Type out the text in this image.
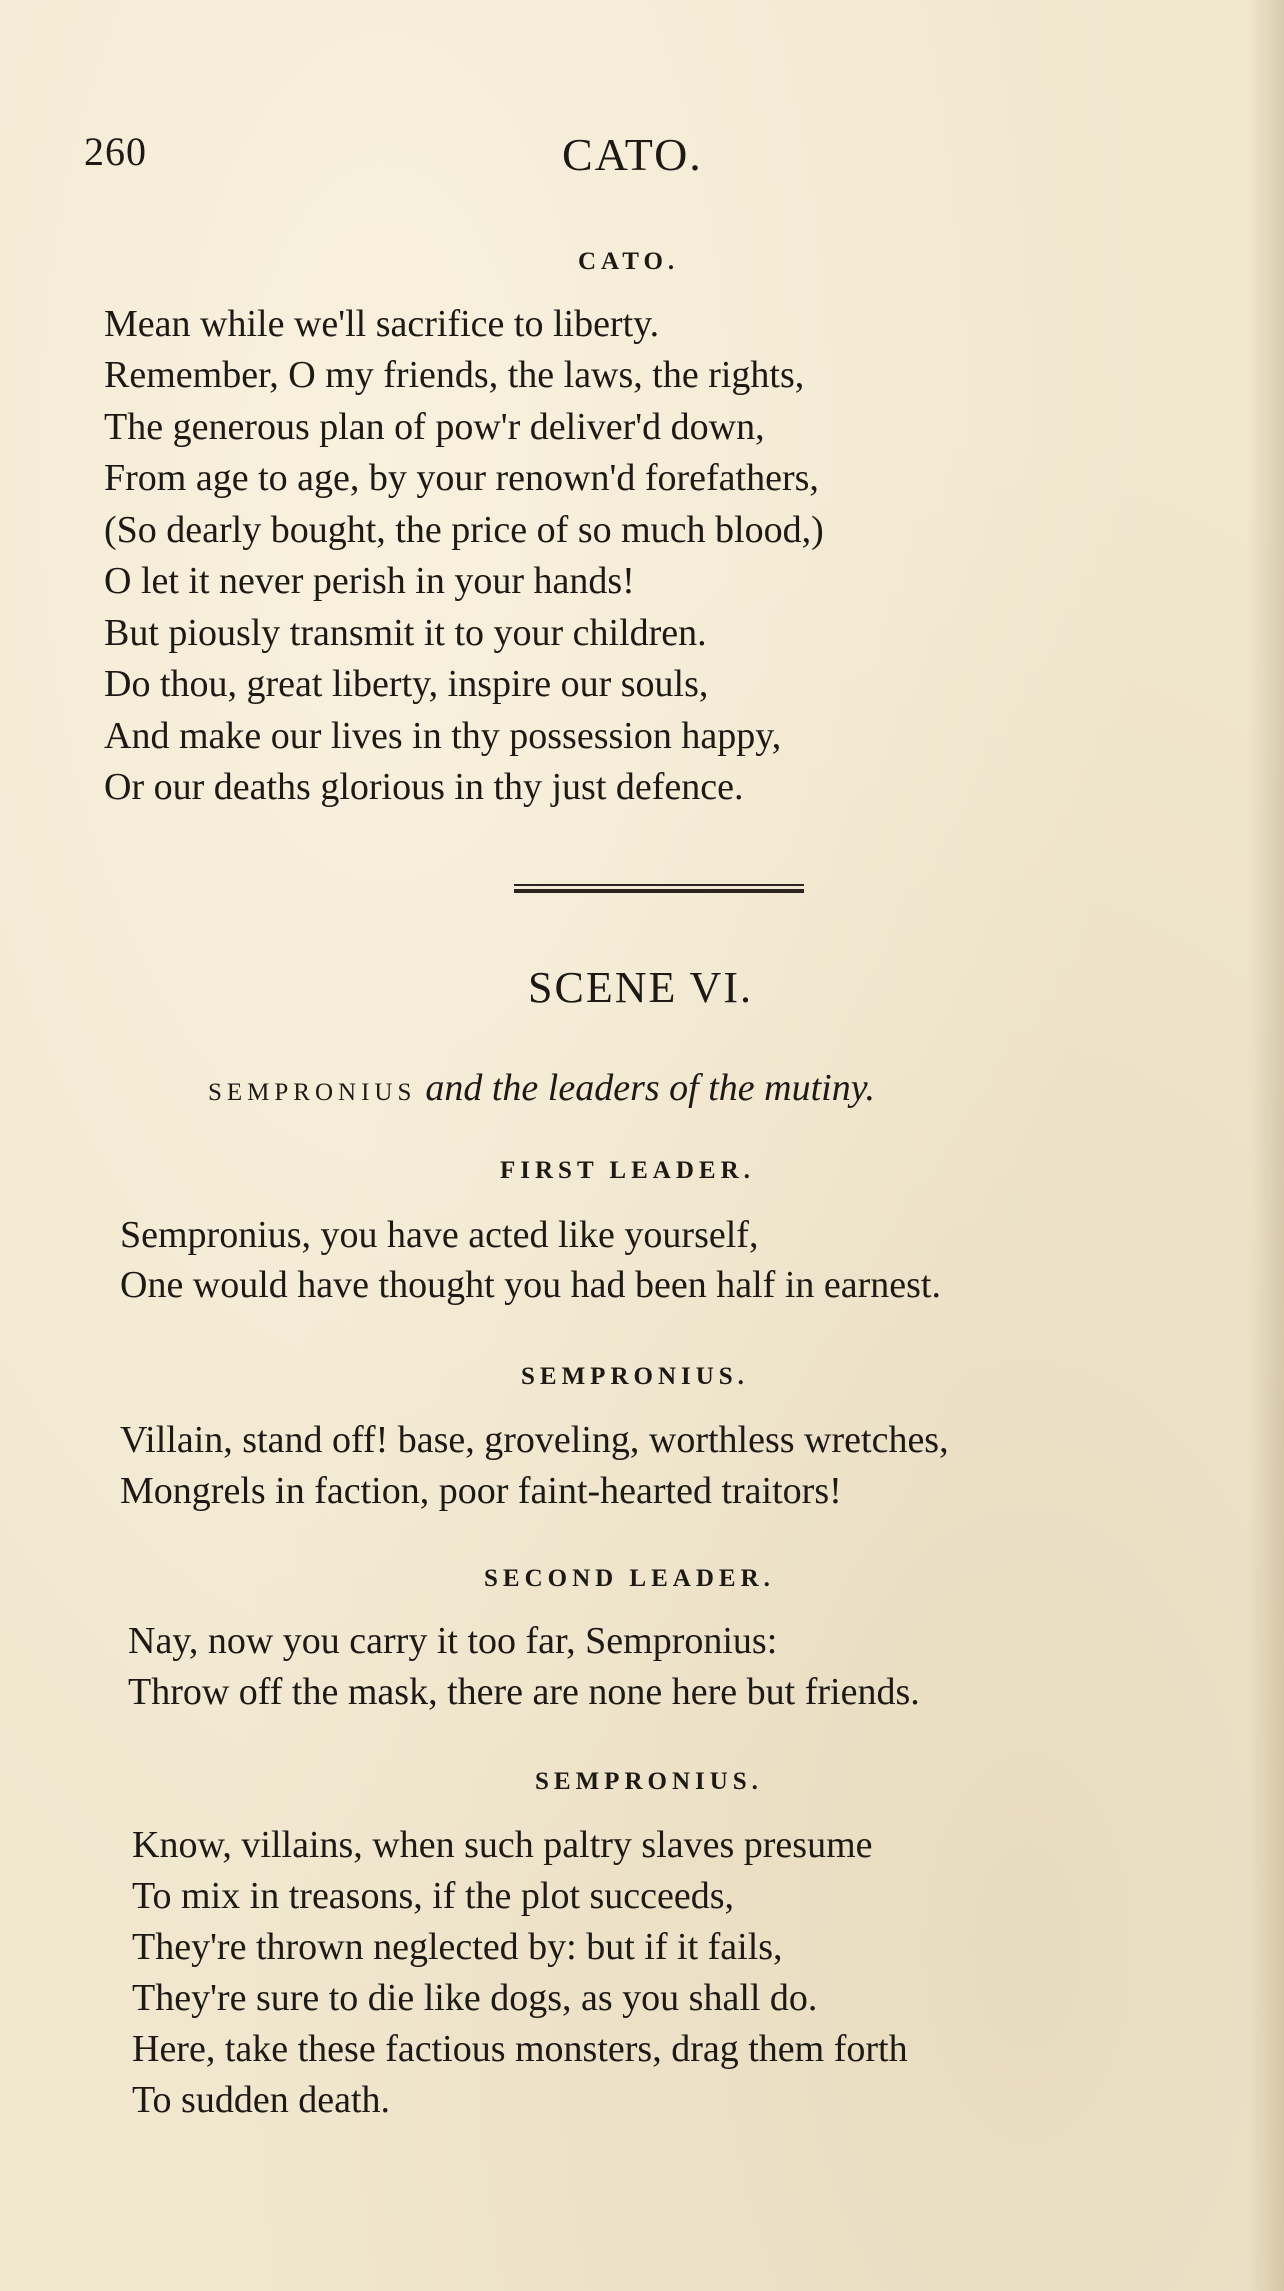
260	CATO.
CATO.
Mean while we'll sacrifice to liberty.
Remember, O my friends, the laws, the rights,
The generous plan of pow'r deliver'd down,
From age to age, by your renown'd forefathers,
(So dearly bought, the price of so much blood,)
O let it never perish in your hands!
But piously transmit it to your children.
Do thou, great liberty, inspire our souls,
And make our lives in thy possession happy,
Or our deaths glorious in thy just defence.
SCENE VI.
SEMPRONIUS and the leaders of the mutiny.
FIRST LEADER.
Sempronius, you have acted like yourself,
One would have thought you had been half in earnest.
SEMPRONIUS.
Villain, stand off! base, groveling, worthless wretches,
Mongrels in faction, poor faint-hearted traitors!
SECOND LEADER.
Nay, now you carry it too far, Sempronius:
Throw off the mask, there are none here but friends.
SEMPRONIUS.
Know, villains, when such paltry slaves presume
To mix in treasons, if the plot succeeds,
They're thrown neglected by: but if it fails,
They're sure to die like dogs, as you shall do.
Here, take these factious monsters, drag them forth
To sudden death.
